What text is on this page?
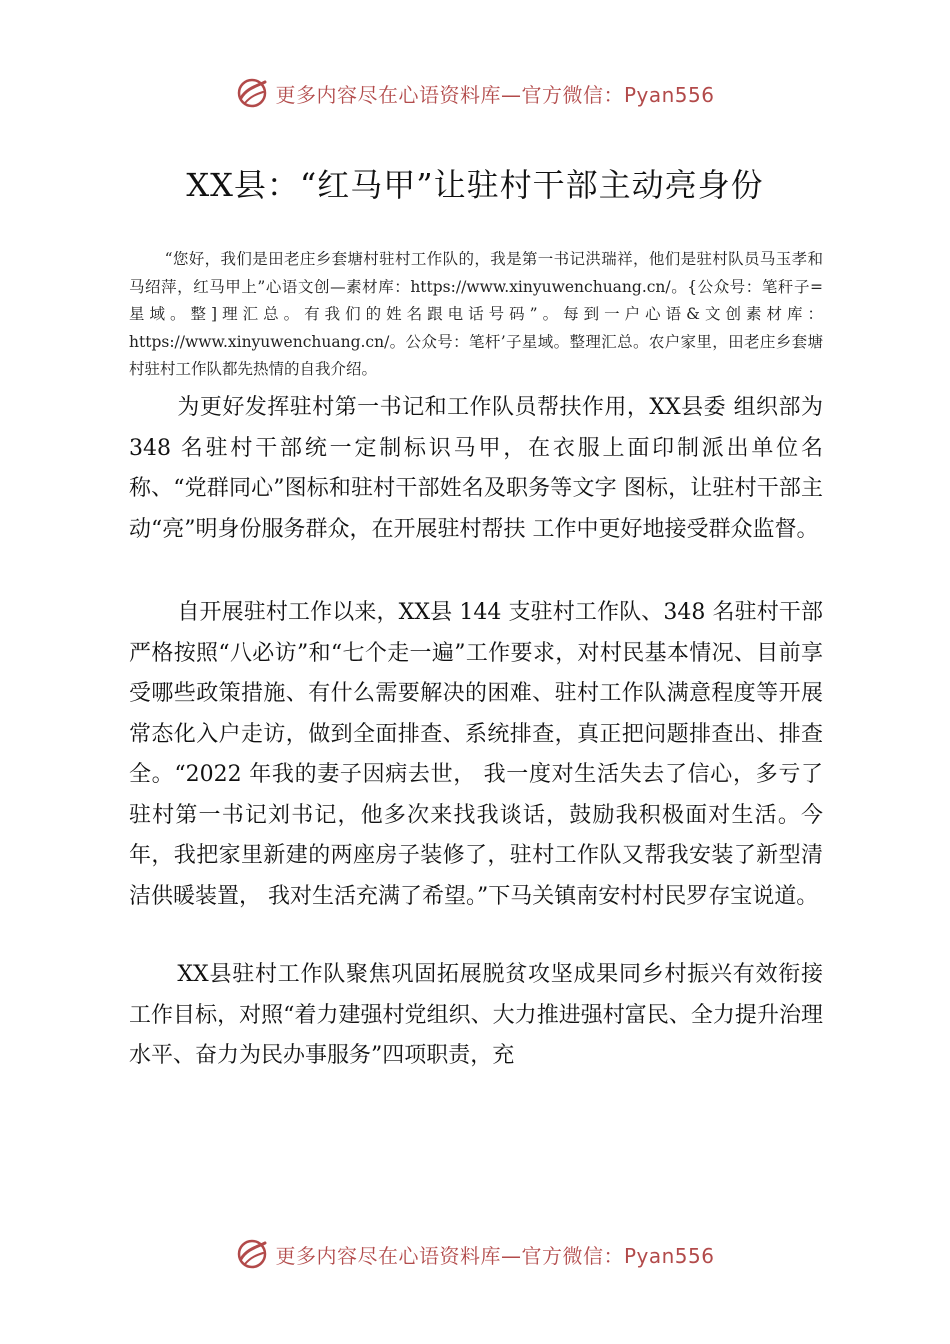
更多内容尽在心语资料库—官方微信：Pyan556
XX县：“红马甲”让驻村干部主动亮身份
“您好，我们是田老庄乡套塘村驻村工作队的，我是第一书记洪瑞祥，他们是驻村队员马玉孝和马绍萍，红马甲上”心语文创—素材库：https://www.xinyuwenchuang.cn/。{公众号：笔秆子=星域。整]理汇总。有我们的姓名跟电话号码”。每到一户心语&文创素材库：https://www.xinyuwenchuang.cn/。公众号：笔杆’子星域。整理汇总。农户家里，田老庄乡套塘村驻村工作队都先热情的自我介绍。

为更好发挥驻村第一书记和工作队员帮扶作用，XX县委 组织部为 348 名驻村干部统一定制标识马甲，在衣服上面印制派出单位名称、“党群同心”图标和驻村干部姓名及职务等文字 图标，让驻村干部主动“亮”明身份服务群众，在开展驻村帮扶 工作中更好地接受群众监督。

自开展驻村工作以来，XX县 144 支驻村工作队、348 名驻村干部严格按照“八必访”和“七个走一遍”工作要求，对村民基本情况、目前享受哪些政策措施、有什么需要解决的困难、驻村工作队满意程度等开展常态化入户走访，做到全面排查、系统排查，真正把问题排查出、排查全。“2022 年我的妻子因病去世， 我一度对生活失去了信心，多亏了驻村第一书记刘书记，他多次来找我谈话，鼓励我积极面对生活。今年，我把家里新建的两座房子装修了，驻村工作队又帮我安装了新型清洁供暖装置， 我对生活充满了希望。”下马关镇南安村村民罗存宝说道。

XX县驻村工作队聚焦巩固拓展脱贫攻坚成果同乡村振兴有效衔接工作目标，对照“着力建强村党组织、大力推进强村富民、全力提升治理水平、奋力为民办事服务”四项职责，充

更多内容尽在心语资料库—官方微信：Pyan556
